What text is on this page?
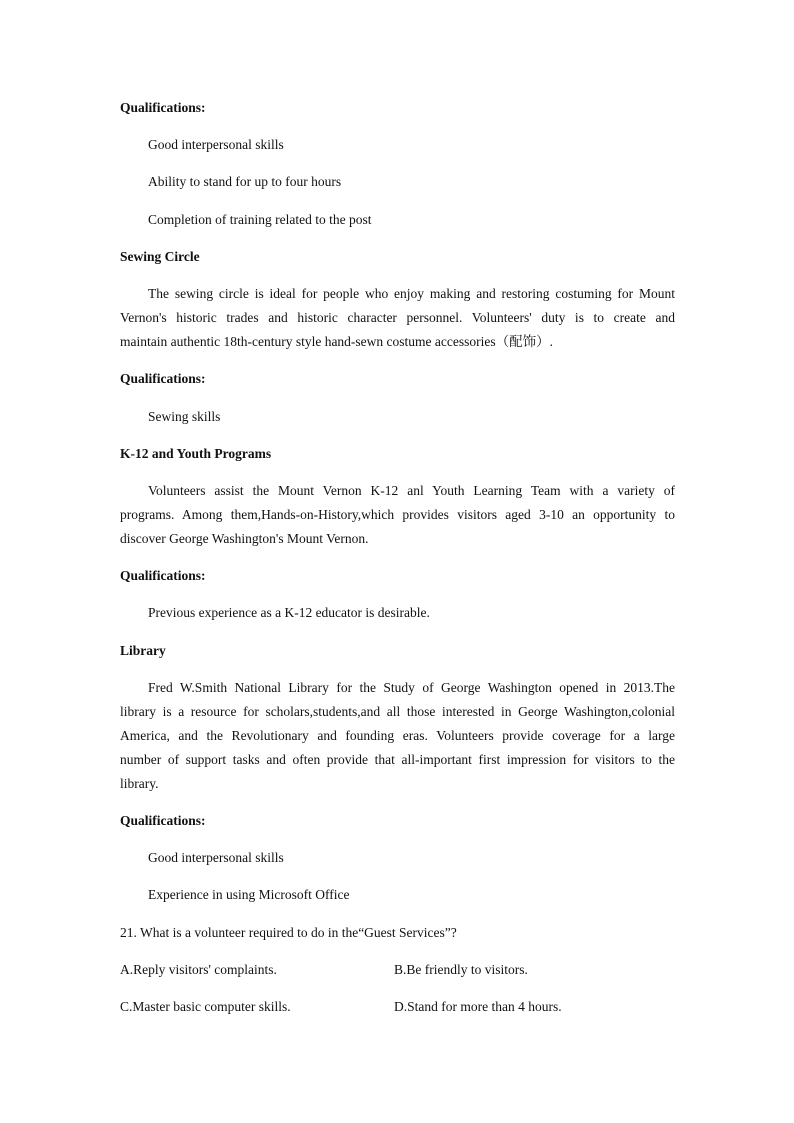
Qualifications:
Good interpersonal skills
Ability to stand for up to four hours
Completion of training related to the post
Sewing Circle
The sewing circle is ideal for people who enjoy making and restoring costuming for Mount
Vernon's historic trades and historic character personnel. Volunteers' duty is to create and
maintain authentic 18th-century style hand-sewn costume accessories（配饰）.
Qualifications:
Sewing skills
K-12 and Youth Programs
Volunteers assist the Mount Vernon K-12 anl Youth Learning Team with a variety of
programs. Among them,Hands-on-History,which provides visitors aged 3-10 an opportunity to
discover George Washington's Mount Vernon.
Qualifications:
Previous experience as a K-12 educator is desirable.
Library
Fred W.Smith National Library for the Study of George Washington opened in 2013.The
library is a resource for scholars,students,and all those interested in George Washington,colonial
America, and the Revolutionary and founding eras. Volunteers provide coverage for a large
number of support tasks and often provide that all-important first impression for visitors to the
library.
Qualifications:
Good interpersonal skills
Experience in using Microsoft Office
21. What is a volunteer required to do in the“Guest Services”?
A.Reply visitors' complaints.	B.Be friendly to visitors.
C.Master basic computer skills.	D.Stand for more than 4 hours.
